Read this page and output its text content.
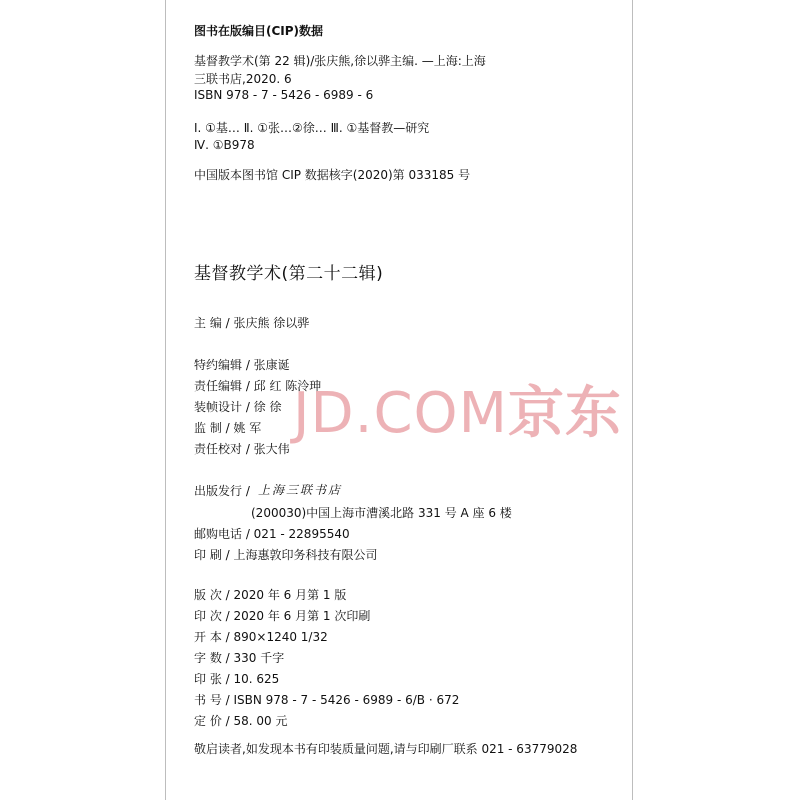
图书在版编目(CIP)数据
基督教学术(第 22 辑)/张庆熊,徐以骅主编. —上海:上海
三联书店,2020. 6
ISBN 978 - 7 - 5426 - 6989 - 6
Ⅰ. ①基… Ⅱ. ①张…②徐… Ⅲ. ①基督教—研究
Ⅳ. ①B978
中国版本图书馆 CIP 数据核字(2020)第 033185 号
基督教学术(第二十二辑)
主 编 / 张庆熊 徐以骅
特约编辑 / 张康诞
责任编辑 / 邱 红 陈泠珅
装帧设计 / 徐 徐
监 制 / 姚 军
责任校对 / 张大伟
出版发行 / 上海三联书店
(200030)中国上海市漕溪北路 331 号 A 座 6 楼
邮购电话 / 021 - 22895540
印 刷 / 上海惠敦印务科技有限公司
版 次 / 2020 年 6 月第 1 版
印 次 / 2020 年 6 月第 1 次印刷
开 本 / 890×1240 1/32
字 数 / 330 千字
印 张 / 10. 625
书 号 / ISBN 978 - 7 - 5426 - 6989 - 6/B · 672
定 价 / 58. 00 元
敬启读者,如发现本书有印装质量问题,请与印刷厂联系 021 - 63779028
JD.COM京东
